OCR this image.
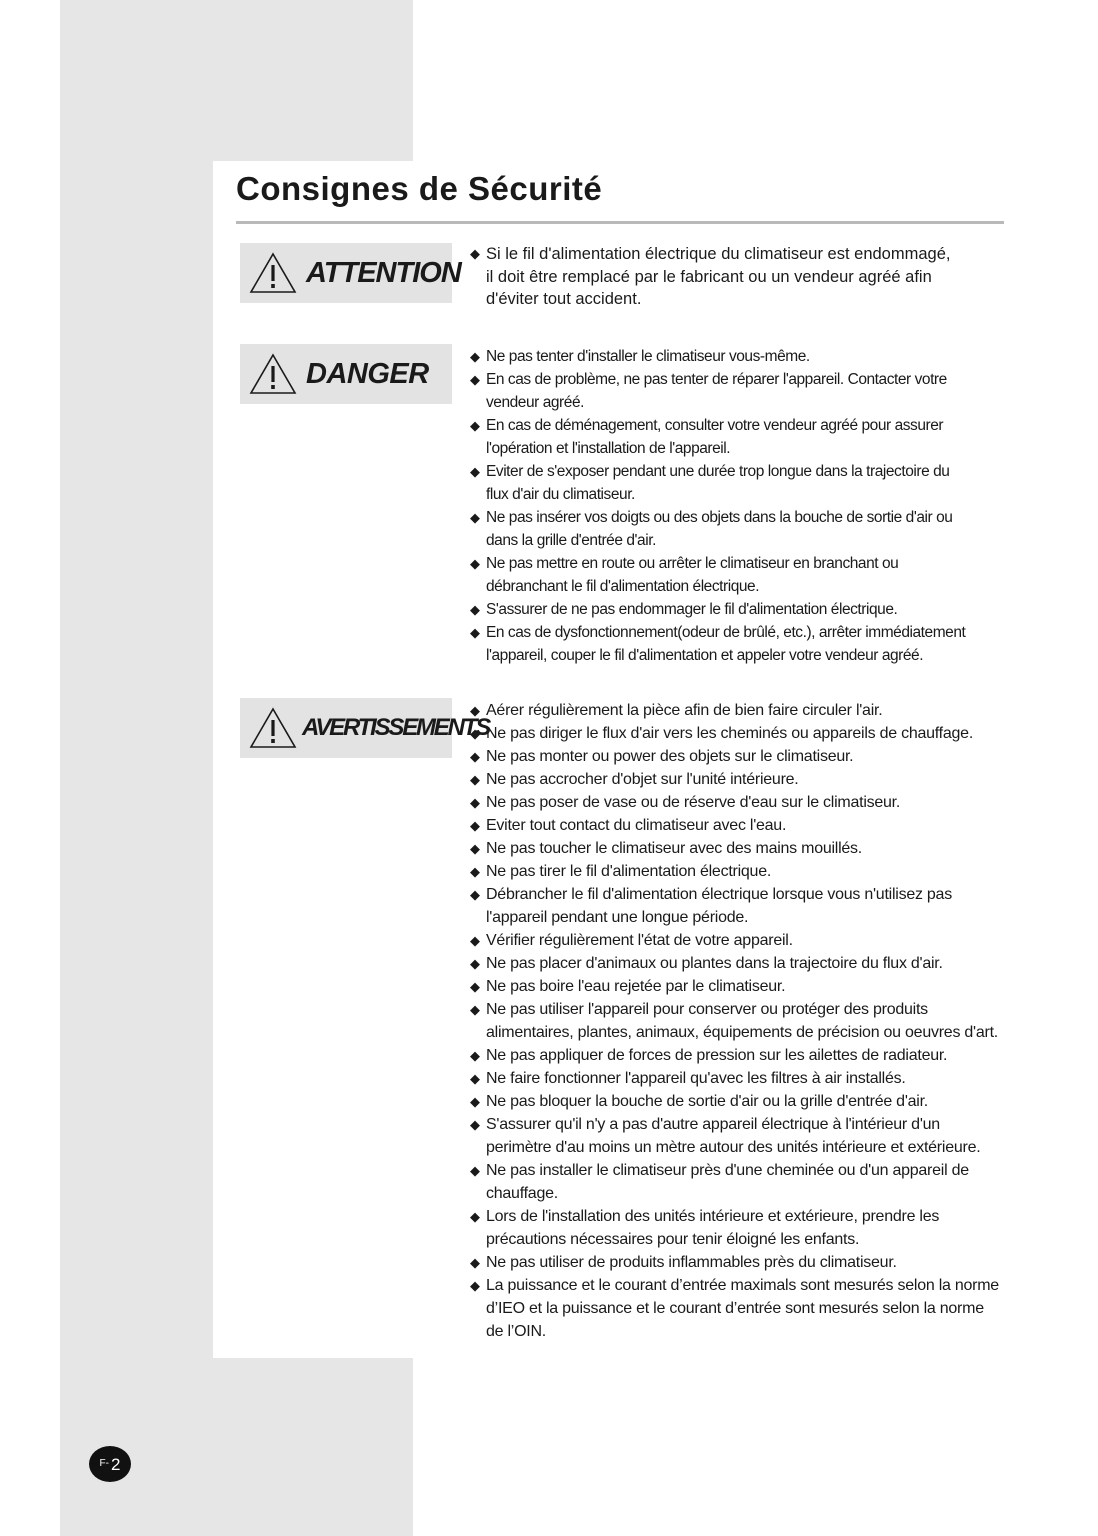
Consignes de Sécurité
ATTENTION
◆ Si le fil d'alimentation électrique du climatiseur est endommagé,
il doit être remplacé par le fabricant ou un vendeur agréé afin
d'éviter tout accident.
DANGER
◆ Ne pas tenter d'installer le climatiseur vous-même.
◆ En cas de problème, ne pas tenter de réparer l'appareil. Contacter votre
vendeur agréé.
◆ En cas de déménagement, consulter votre vendeur agréé pour assurer
l'opération et l'installation de l'appareil.
◆ Eviter de s'exposer pendant une durée trop longue dans la trajectoire du
flux d'air du climatiseur.
◆ Ne pas insérer vos doigts ou des objets dans la bouche de sortie d'air ou
dans la grille d'entrée d'air.
◆ Ne pas mettre en route ou arrêter le climatiseur en branchant ou
débranchant le fil d'alimentation électrique.
◆ S'assurer de ne pas endommager le fil d'alimentation électrique.
◆ En cas de dysfonctionnement(odeur de brûlé, etc.), arrêter immédiatement
l'appareil, couper le fil d'alimentation et appeler votre vendeur agréé.
AVERTISSEMENTS
◆ Aérer régulièrement la pièce afin de bien faire circuler l'air.
◆ Ne pas diriger le flux d'air vers les cheminés ou appareils de chauffage.
◆ Ne pas monter ou power des objets sur le climatiseur.
◆ Ne pas accrocher d'objet sur l'unité intérieure.
◆ Ne pas poser de vase ou de réserve d'eau sur le climatiseur.
◆ Eviter tout contact du climatiseur avec l'eau.
◆ Ne pas toucher le climatiseur avec des mains mouillés.
◆ Ne pas tirer le fil d'alimentation électrique.
◆ Débrancher le fil d'alimentation électrique lorsque vous n'utilisez pas
l'appareil pendant une longue période.
◆ Vérifier régulièrement l'état de votre appareil.
◆ Ne pas placer d'animaux ou plantes dans la trajectoire du flux d'air.
◆ Ne pas boire l'eau rejetée par le climatiseur.
◆ Ne pas utiliser l'appareil pour conserver ou protéger des produits
alimentaires, plantes, animaux, équipements de précision ou oeuvres d'art.
◆ Ne pas appliquer de forces de pression sur les ailettes de radiateur.
◆ Ne faire fonctionner l'appareil qu'avec les filtres à air installés.
◆ Ne pas bloquer la bouche de sortie d'air ou la grille d'entrée d'air.
◆ S'assurer qu'il n'y a pas d'autre appareil électrique à l'intérieur d'un
perimètre d'au moins un mètre autour des unités intérieure et extérieure.
◆ Ne pas installer le climatiseur près d'une cheminée ou d'un appareil de
chauffage.
◆ Lors de l'installation des unités intérieure et extérieure, prendre les
précautions nécessaires pour tenir éloigné les enfants.
◆ Ne pas utiliser de produits inflammables près du climatiseur.
◆ La puissance et le courant d’entrée maximals sont mesurés selon la norme
d’IEO et la puissance et le courant d’entrée sont mesurés selon la norme
de l’OIN.
F- 2
